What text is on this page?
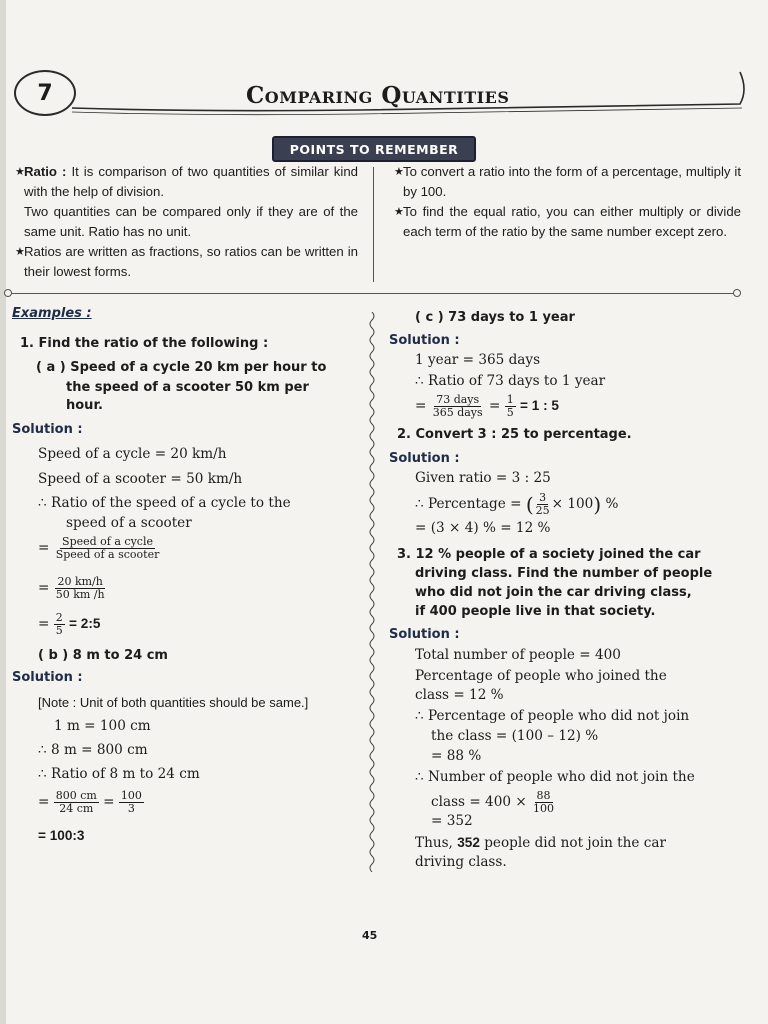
7	Comparing Quantities
POINTS TO REMEMBER

★ Ratio : It is comparison of two quantities of similar kind with the help of division.

Two quantities can be compared only if they are of the same unit. Ratio has no unit.

★ Ratios are written as fractions, so ratios can be written in their lowest forms.

★ To convert a ratio into the form of a percentage, multiply it by 100.

★ To find the equal ratio, you can either multiply or divide each term of the ratio by the same number except zero.

Examples :
1. Find the ratio of the following :
( a ) Speed of a cycle 20 km per hour to
the speed of a scooter 50 km per
hour.
Solution :
Speed of a cycle = 20 km/h
Speed of a scooter = 50 km/h
∴ Ratio of the speed of a cycle to the
speed of a scooter
= $\frac{\text{Speed of a cycle}}{\text{Speed of a scooter}}$
= $\frac{20 km/h}{50 km /h}$
= $\frac{2}{5}$ = 2:5
( b ) 8 m to 24 cm
Solution :
[Note : Unit of both quantities should be same.]
1 m = 100 cm
∴ 8 m = 800 cm
∴ Ratio of 8 m to 24 cm
= $\frac{800 cm}{24 cm} = \frac{100}{3}$
= 100:3
( c ) 73 days to 1 year
Solution :
1 year = 365 days
∴ Ratio of 73 days to 1 year
= $\frac{\text{73 days}}{\text{365 days}} = \frac{1}{5} = 1$ : 5
2. Convert 3 : 25 to percentage.
Solution :
Given ratio = 3 : 25
∴ Percentage = ( $\frac{3}{25} \times 100$) %
= (3 × 4) % = 12 %
3. 12 % people of a society joined the car
driving class. Find the number of people
who did not join the car driving class,
if 400 people live in that society.
Solution :
Total number of people = 400
Percentage of people who joined the
class = 12 %
∴ Percentage of people who did not join
the class = (100 – 12) %
= 88 %
∴ Number of people who did not join the
class = $400 \times \frac{88}{100}$
= 352
Thus, 352 people did not join the car
driving class.
45
